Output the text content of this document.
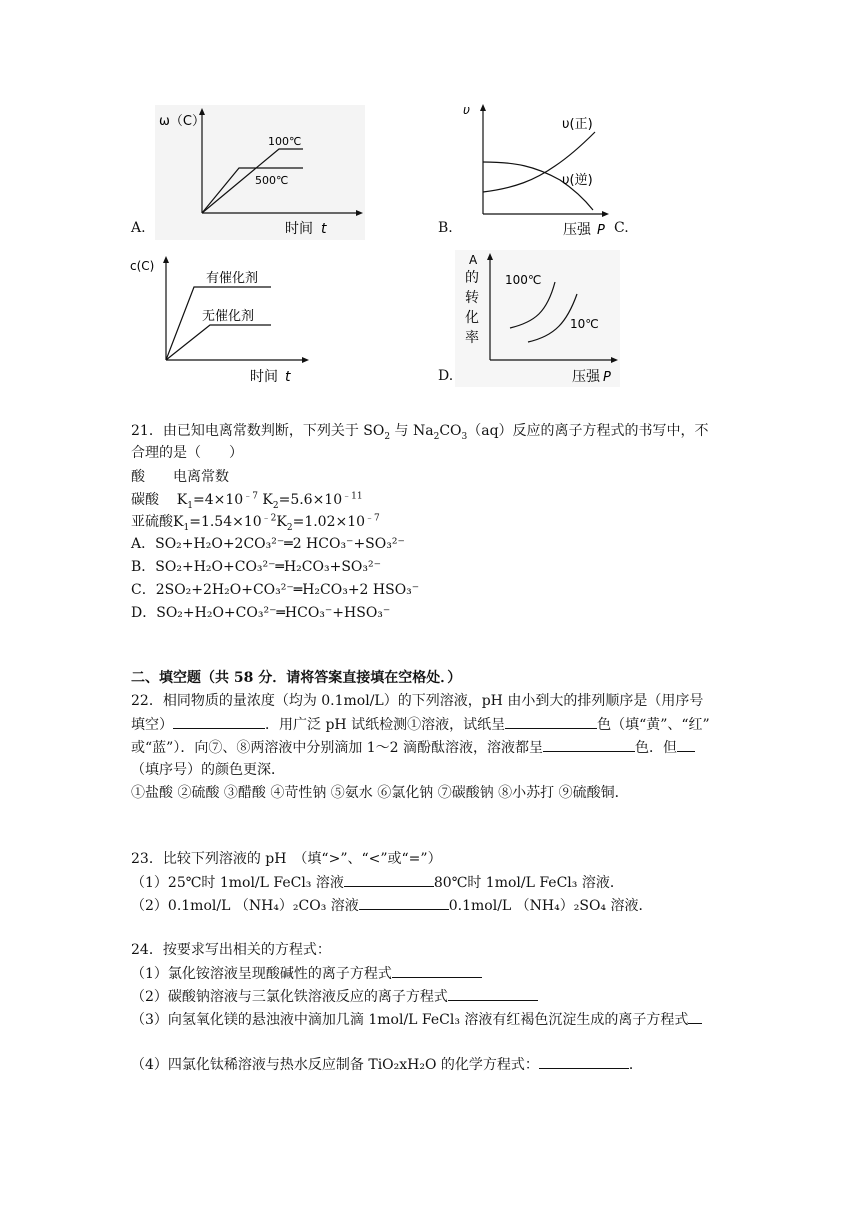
ω（C）
100℃
500℃
时间 t
A.
υ
υ(正)
υ(逆)
压强 P
B.	C.
c(C)
有催化剂
无催化剂
时间 t
A
的
转
化
率
100℃
10℃
压强 P
D.
21．由已知电离常数判断，下列关于 $SO_2$ 与 $Na_2CO_3(aq)$反应的离子方程式的书写中，不
合理的是（　　）
酸　　电离常数
碳酸    $K_1=4\times 10^{﹣7}$ $K_2=5.6\times 10^{﹣11}$
亚硫酸$K_1=1.54\times 10^{﹣2}K_2=1.02\times 10^{﹣7}$
A．SO₂+H₂O+2CO₃²⁻═2 HCO₃⁻+SO₃²⁻
B．SO₂+H₂O+CO₃²⁻═H₂CO₃+SO₃²⁻
C．2SO₂+2H₂O+CO₃²⁻═H₂CO₃+2 HSO₃⁻
D．SO₂+H₂O+CO₃²⁻═HCO₃⁻+HSO₃⁻
二、填空题（共 58 分．请将答案直接填在空格处．）
22．相同物质的量浓度（均为 0.1mol/L）的下列溶液，pH 由小到大的排列顺序是（用序号
填空）	．用广泛 pH 试纸检测①溶液，试纸呈	色（填“黄”、“红”
或“蓝”）．向⑦、⑧两溶液中分别滴加 1～2 滴酚酞溶液，溶液都呈	色．但
（填序号）的颜色更深．
①盐酸 ②硫酸 ③醋酸 ④苛性钠 ⑤氨水 ⑥氯化钠 ⑦碳酸钠 ⑧小苏打 ⑨硫酸铜．
23．比较下列溶液的 pH　（填“>”、“<”或“=”）
（1）25℃时 1mol/L FeCl₃ 溶液	80℃时 1mol/L FeCl₃ 溶液．
（2）0.1mol/L （NH₄）₂CO₃ 溶液	0.1mol/L （NH₄）₂SO₄ 溶液．
24．按要求写出相关的方程式：
（1）氯化铵溶液呈现酸碱性的离子方程式
（2）碳酸钠溶液与三氯化铁溶液反应的离子方程式
（3）向氢氧化镁的悬浊液中滴加几滴 1mol/L FeCl₃ 溶液有红褐色沉淀生成的离子方程式
（4）四氯化钛稀溶液与热水反应制备 TiO₂xH₂O 的化学方程式：	．
